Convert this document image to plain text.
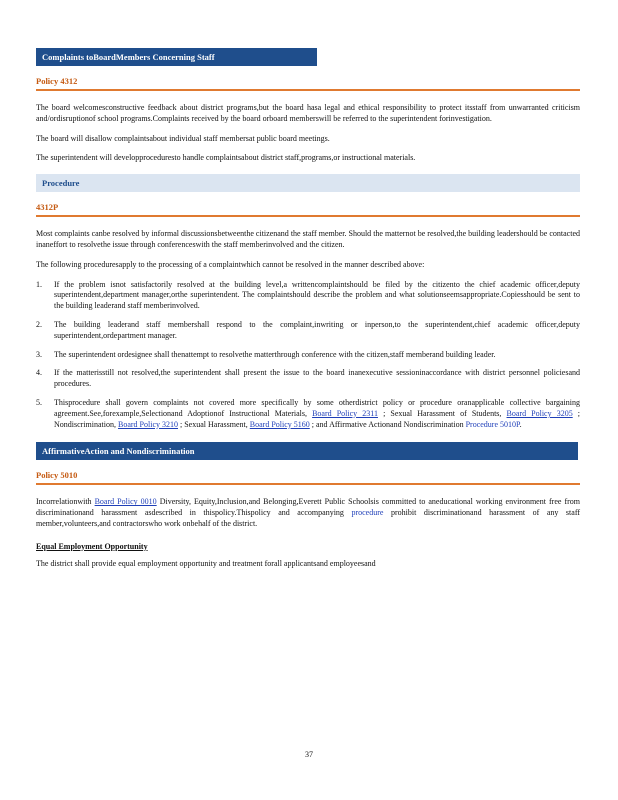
Complaints toBoardMembers Concerning Staff
Policy 4312

The board welcomesconstructive feedback about district programs,but the board hasa legal and ethical responsibility to protect itsstaff from unwarranted criticism and/ordisruptionof school programs.Complaints received by the board orboard memberswill be referred to the superintendent forinvestigation.

The board will disallow complaintsabout individual staff membersat public board meetings.

The superintendent will developproceduresto handle complaintsabout district staff,programs,or instructional materials.

Procedure
4312P

Most complaints canbe resolved by informal discussionsbetweenthe citizenand the staff member. Should the matternot be resolved,the building leadershould be contacted inaneffort to resolvethe issue through conferenceswith the staff memberinvolved and the citizen.

The following proceduresapply to the processing of a complaintwhich cannot be resolved in the manner described above:

1. If the problem isnot satisfactorily resolved at the building level,a writtencomplaintshould be filed by the citizento the chief academic officer,deputy superintendent,department manager,orthe superintendent. The complaintshould describe the problem and what solutionseemsappropriate.Copiesshould be sent to the building leaderand staff memberinvolved.
2. The building leaderand staff membershall respond to the complaint,inwriting or inperson,to the superintendent,chief academic officer,deputy superintendent,ordepartment manager.
3. The superintendent ordesignee shall thenattempt to resolvethe matterthrough conference with the citizen,staff memberand building leader.
4. If the matterisstill not resolved,the superintendent shall present the issue to the board inanexecutive sessioninaccordance with district personnel policiesand procedures.
5. Thisprocedure shall govern complaints not covered more specifically by some otherdistrict policy or procedure oranapplicable collective bargaining agreement.See,forexample,Selectionand Adoptionof Instructional Materials, Board Policy 2311 ; Sexual Harassment of Students, Board Policy 3205 ; Nondiscrimination, Board Policy 3210 ; Sexual Harassment, Board Policy 5160 ; and Affirmative Actionand Nondiscrimination Procedure 5010P.
AffirmativeAction and Nondiscrimination
Policy 5010

Incorrelationwith Board Policy 0010 Diversity, Equity,Inclusion,and Belonging,Everett Public Schoolsis committed to aneducational working environment free from discriminationand harassment asdescribed in thispolicy.Thispolicy and accompanying procedure prohibit discriminationand harassment of any staff member,volunteers,and contractorswho work onbehalf of the district.

Equal Employment Opportunity

The district shall provide equal employment opportunity and treatment forall applicantsand employeesand

37
